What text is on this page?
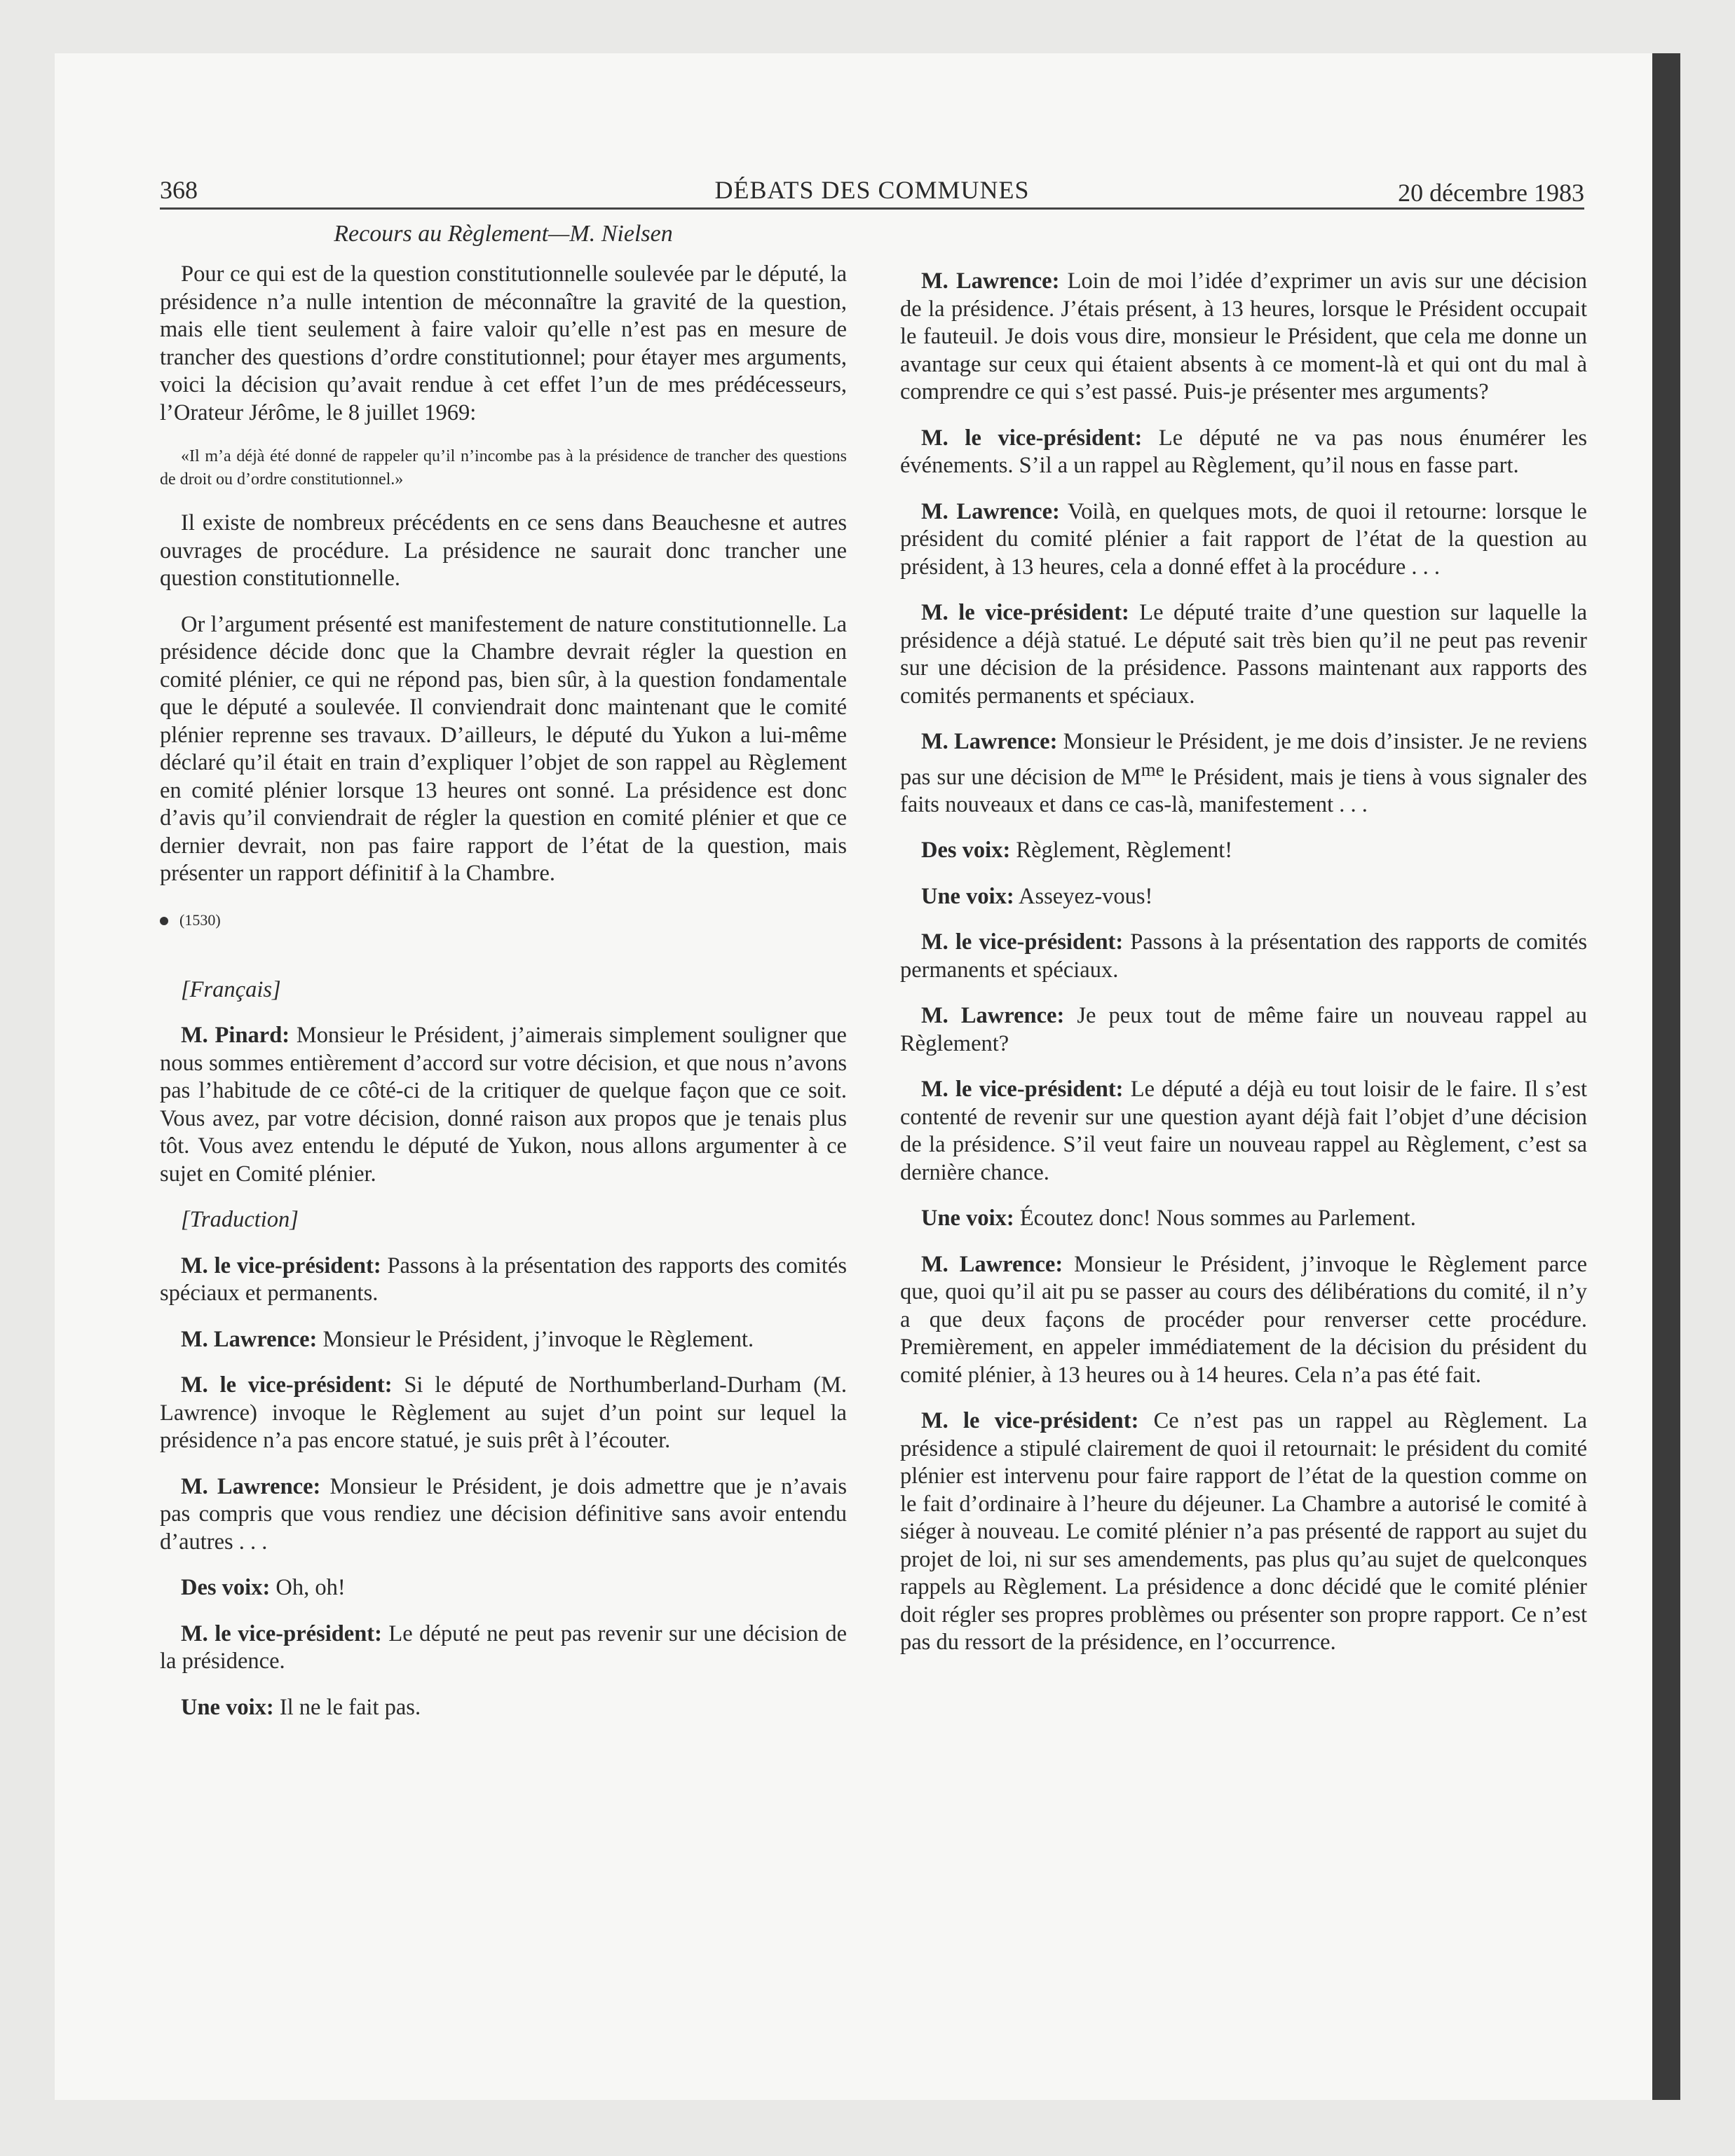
368	DÉBATS DES COMMUNES	20 décembre 1983
Recours au Règlement—M. Nielsen

Pour ce qui est de la question constitutionnelle soulevée par le député, la présidence n’a nulle intention de méconnaître la gravité de la question, mais elle tient seulement à faire valoir qu’elle n’est pas en mesure de trancher des questions d’ordre constitutionnel; pour étayer mes arguments, voici la décision qu’avait rendue à cet effet l’un de mes prédécesseurs, l’Orateur Jérôme, le 8 juillet 1969:

«Il m’a déjà été donné de rappeler qu’il n’incombe pas à la présidence de trancher des questions de droit ou d’ordre constitutionnel.»

Il existe de nombreux précédents en ce sens dans Beauchesne et autres ouvrages de procédure. La présidence ne saurait donc trancher une question constitutionnelle.

Or l’argument présenté est manifestement de nature constitutionnelle. La présidence décide donc que la Chambre devrait régler la question en comité plénier, ce qui ne répond pas, bien sûr, à la question fondamentale que le député a soulevée. Il conviendrait donc maintenant que le comité plénier reprenne ses travaux. D’ailleurs, le député du Yukon a lui-même déclaré qu’il était en train d’expliquer l’objet de son rappel au Règlement en comité plénier lorsque 13 heures ont sonné. La présidence est donc d’avis qu’il conviendrait de régler la question en comité plénier et que ce dernier devrait, non pas faire rapport de l’état de la question, mais présenter un rapport définitif à la Chambre.

(1530)

[Français]

M. Pinard: Monsieur le Président, j’aimerais simplement souligner que nous sommes entièrement d’accord sur votre décision, et que nous n’avons pas l’habitude de ce côté-ci de la critiquer de quelque façon que ce soit. Vous avez, par votre décision, donné raison aux propos que je tenais plus tôt. Vous avez entendu le député de Yukon, nous allons argumenter à ce sujet en Comité plénier.

[Traduction]

M. le vice-président: Passons à la présentation des rapports des comités spéciaux et permanents.

M. Lawrence: Monsieur le Président, j’invoque le Règlement.

M. le vice-président: Si le député de Northumberland-Durham (M. Lawrence) invoque le Règlement au sujet d’un point sur lequel la présidence n’a pas encore statué, je suis prêt à l’écouter.

M. Lawrence: Monsieur le Président, je dois admettre que je n’avais pas compris que vous rendiez une décision définitive sans avoir entendu d’autres . . .

Des voix: Oh, oh!

M. le vice-président: Le député ne peut pas revenir sur une décision de la présidence.

Une voix: Il ne le fait pas.

M. Lawrence: Loin de moi l’idée d’exprimer un avis sur une décision de la présidence. J’étais présent, à 13 heures, lorsque le Président occupait le fauteuil. Je dois vous dire, monsieur le Président, que cela me donne un avantage sur ceux qui étaient absents à ce moment-là et qui ont du mal à comprendre ce qui s’est passé. Puis-je présenter mes arguments?

M. le vice-président: Le député ne va pas nous énumérer les événements. S’il a un rappel au Règlement, qu’il nous en fasse part.

M. Lawrence: Voilà, en quelques mots, de quoi il retourne: lorsque le président du comité plénier a fait rapport de l’état de la question au président, à 13 heures, cela a donné effet à la procédure . . .

M. le vice-président: Le député traite d’une question sur laquelle la présidence a déjà statué. Le député sait très bien qu’il ne peut pas revenir sur une décision de la présidence. Passons maintenant aux rapports des comités permanents et spéciaux.

M. Lawrence: Monsieur le Président, je me dois d’insister. Je ne reviens pas sur une décision de $M^{me}$ le Président, mais je tiens à vous signaler des faits nouveaux et dans ce cas-là, manifestement . . .

Des voix: Règlement, Règlement!

Une voix: Asseyez-vous!

M. le vice-président: Passons à la présentation des rapports de comités permanents et spéciaux.

M. Lawrence: Je peux tout de même faire un nouveau rappel au Règlement?

M. le vice-président: Le député a déjà eu tout loisir de le faire. Il s’est contenté de revenir sur une question ayant déjà fait l’objet d’une décision de la présidence. S’il veut faire un nouveau rappel au Règlement, c’est sa dernière chance.

Une voix: Écoutez donc! Nous sommes au Parlement.

M. Lawrence: Monsieur le Président, j’invoque le Règlement parce que, quoi qu’il ait pu se passer au cours des délibérations du comité, il n’y a que deux façons de procéder pour renverser cette procédure. Premièrement, en appeler immédiatement de la décision du président du comité plénier, à 13 heures ou à 14 heures. Cela n’a pas été fait.

M. le vice-président: Ce n’est pas un rappel au Règlement. La présidence a stipulé clairement de quoi il retournait: le président du comité plénier est intervenu pour faire rapport de l’état de la question comme on le fait d’ordinaire à l’heure du déjeuner. La Chambre a autorisé le comité à siéger à nouveau. Le comité plénier n’a pas présenté de rapport au sujet du projet de loi, ni sur ses amendements, pas plus qu’au sujet de quelconques rappels au Règlement. La présidence a donc décidé que le comité plénier doit régler ses propres problèmes ou présenter son propre rapport. Ce n’est pas du ressort de la présidence, en l’occurrence.
